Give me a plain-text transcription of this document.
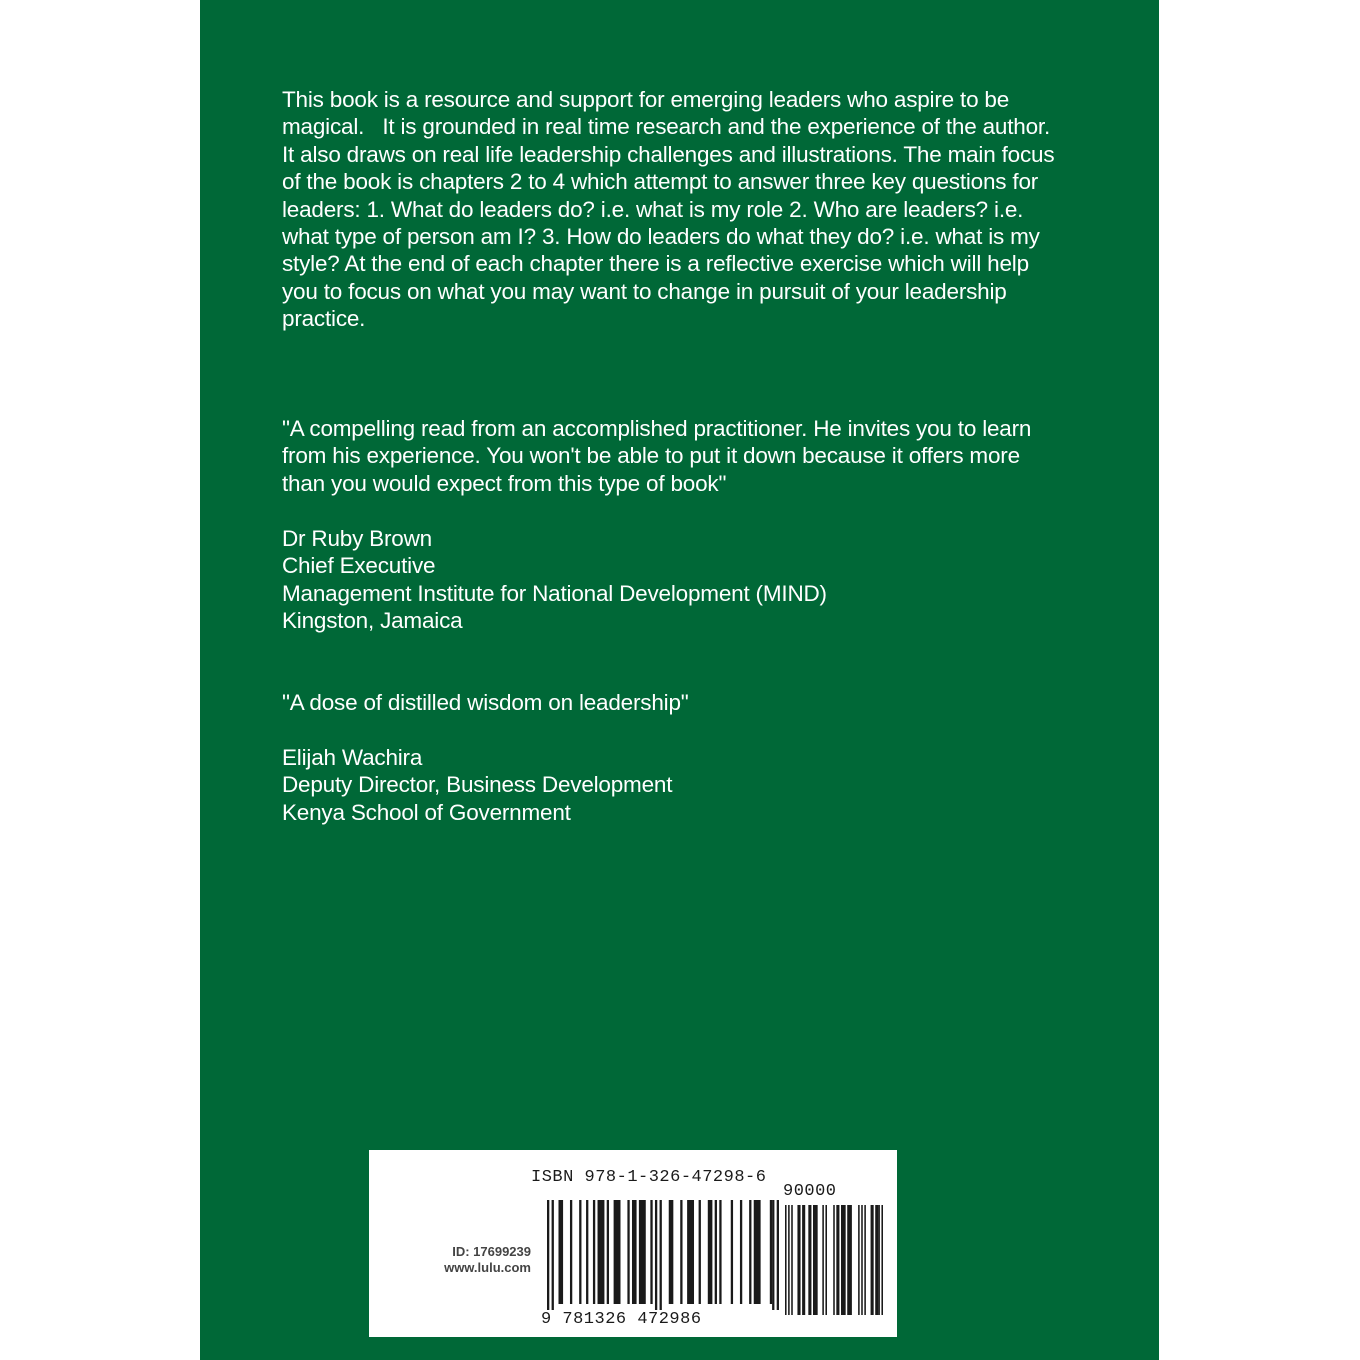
This book is a resource and support for emerging leaders who aspire to be
magical.   It is grounded in real time research and the experience of the author.
It also draws on real life leadership challenges and illustrations. The main focus
of the book is chapters 2 to 4 which attempt to answer three key questions for
leaders: 1. What do leaders do? i.e. what is my role 2. Who are leaders? i.e.
what type of person am I? 3. How do leaders do what they do? i.e. what is my
style? At the end of each chapter there is a reflective exercise which will help
you to focus on what you may want to change in pursuit of your leadership
practice.

"A compelling read from an accomplished practitioner. He invites you to learn
from his experience. You won't be able to put it down because it offers more
than you would expect from this type of book"

Dr Ruby Brown
Chief Executive
Management Institute for National Development (MIND)
Kingston, Jamaica
"A dose of distilled wisdom on leadership"
Elijah Wachira
Deputy Director, Business Development
Kenya School of Government
ID: 17699239
www.lulu.com
ISBN 978-1-326-47298-6
90000
9 781326 472986
